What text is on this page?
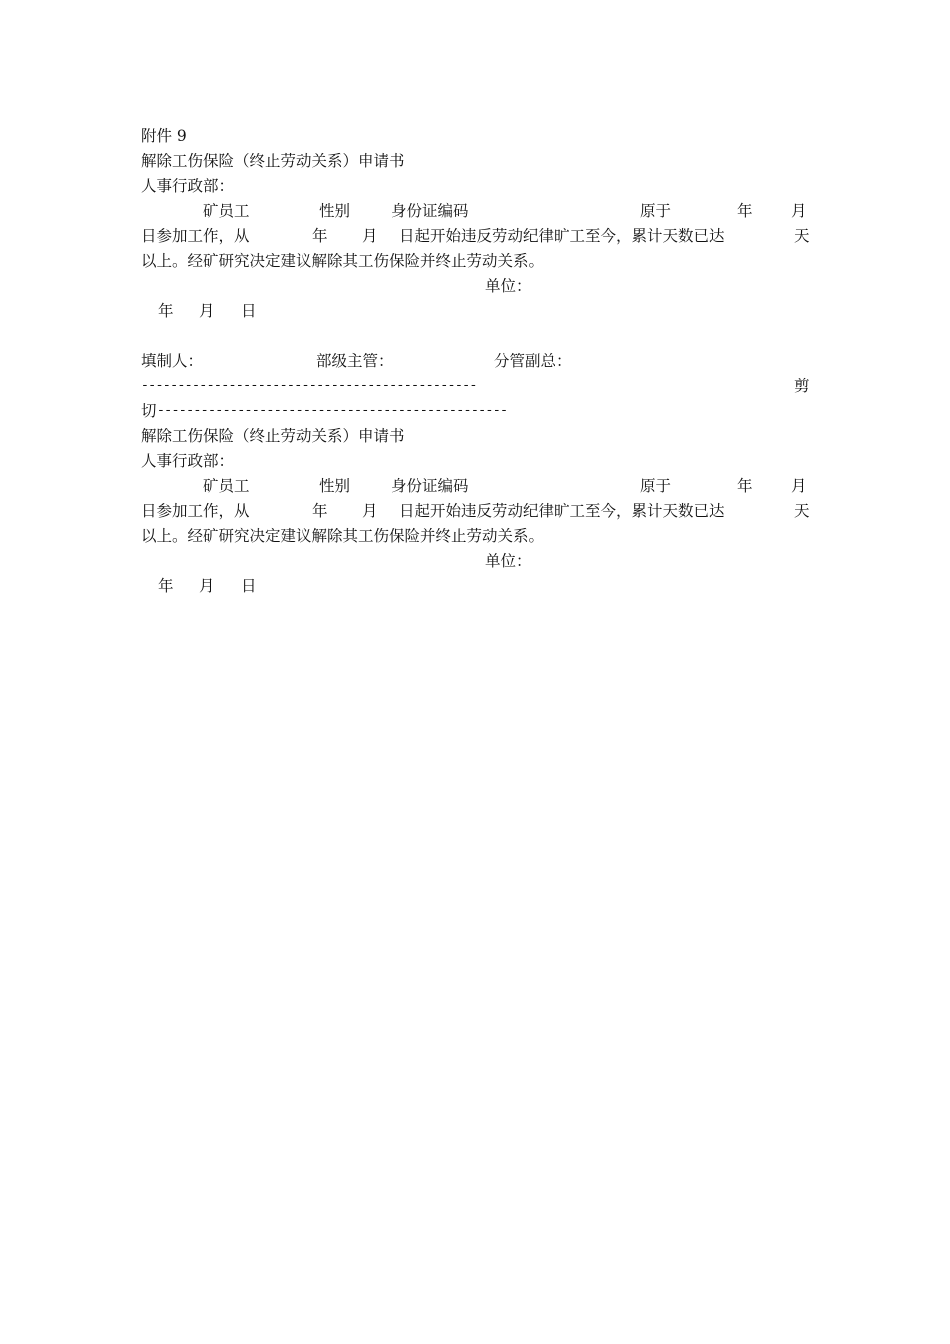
附件 9
解除工伤保险（终止劳动关系）申请书
人事行政部：
矿员工	性别	身份证编码	原于	年 月
日参加工作，从	年 月 日起开始违反劳动纪律旷工至今，累计天数已达	天
以上。经矿研究决定建议解除其工伤保险并终止劳动关系。
单位：
年 月 日
填制人：	部级主管：	分管副总：
----------------------------------------------	剪
切 ------------------------------------------------
解除工伤保险（终止劳动关系）申请书
人事行政部：
矿员工	性别	身份证编码	原于	年 月
日参加工作，从	年 月 日起开始违反劳动纪律旷工至今，累计天数已达	天
以上。经矿研究决定建议解除其工伤保险并终止劳动关系。
单位：
年 月 日
